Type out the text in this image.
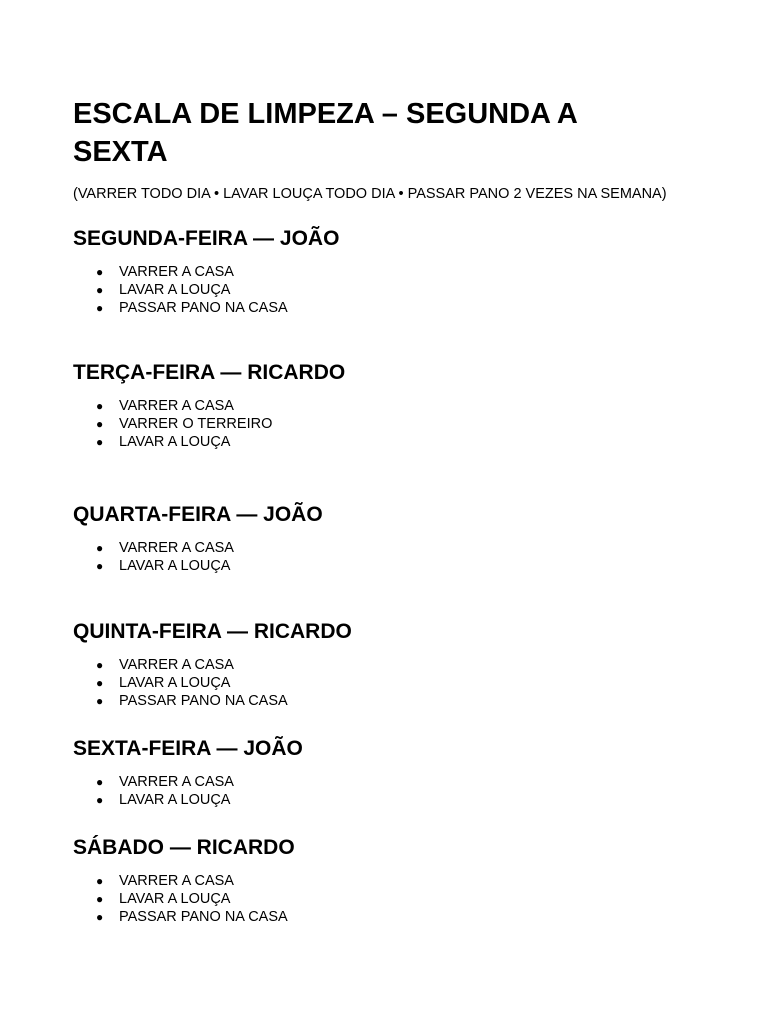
ESCALA DE LIMPEZA – SEGUNDA A SEXTA

(VARRER TODO DIA • LAVAR LOUÇA TODO DIA • PASSAR PANO 2 VEZES NA SEMANA)

SEGUNDA-FEIRA — JOÃO
●	VARRER A CASA
●	LAVAR A LOUÇA
●	PASSAR PANO NA CASA
TERÇA-FEIRA — RICARDO
●	VARRER A CASA
●	VARRER O TERREIRO
●	LAVAR A LOUÇA
QUARTA-FEIRA — JOÃO
●	VARRER A CASA
●	LAVAR A LOUÇA
QUINTA-FEIRA — RICARDO
●	VARRER A CASA
●	LAVAR A LOUÇA
●	PASSAR PANO NA CASA
SEXTA-FEIRA — JOÃO
●	VARRER A CASA
●	LAVAR A LOUÇA
SÁBADO — RICARDO
●	VARRER A CASA
●	LAVAR A LOUÇA
●	PASSAR PANO NA CASA
